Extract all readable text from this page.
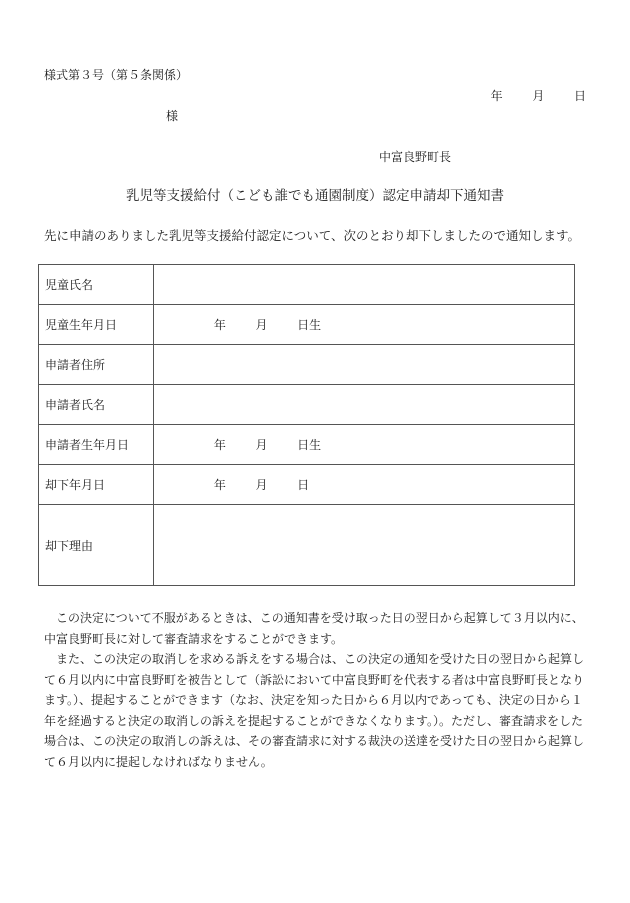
様式第３号（第５条関係）
年 月 日
様
中富良野町長
乳児等支援給付（こども誰でも通園制度）認定申請却下通知書
先に申請のありました乳児等支援給付認定について、次のとおり却下しましたので通知します。
児童氏名	
児童生年月日	年 月 日生
申請者住所	
申請者氏名	
申請者生年月日	年 月 日生
却下年月日	年 月 日
却下理由	

この決定について不服があるときは、この通知書を受け取った日の翌日から起算して３月以内に、中富良野町長に対して審査請求をすることができます。

また、この決定の取消しを求める訴えをする場合は、この決定の通知を受けた日の翌日から起算して６月以内に中富良野町を被告として（訴訟において中富良野町を代表する者は中富良野町長となります。）、提起することができます（なお、決定を知った日から６月以内であっても、決定の日から１年を経過すると決定の取消しの訴えを提起することができなくなります。）。ただし、審査請求をした場合は、この決定の取消しの訴えは、その審査請求に対する裁決の送達を受けた日の翌日から起算して６月以内に提起しなければなりません。
